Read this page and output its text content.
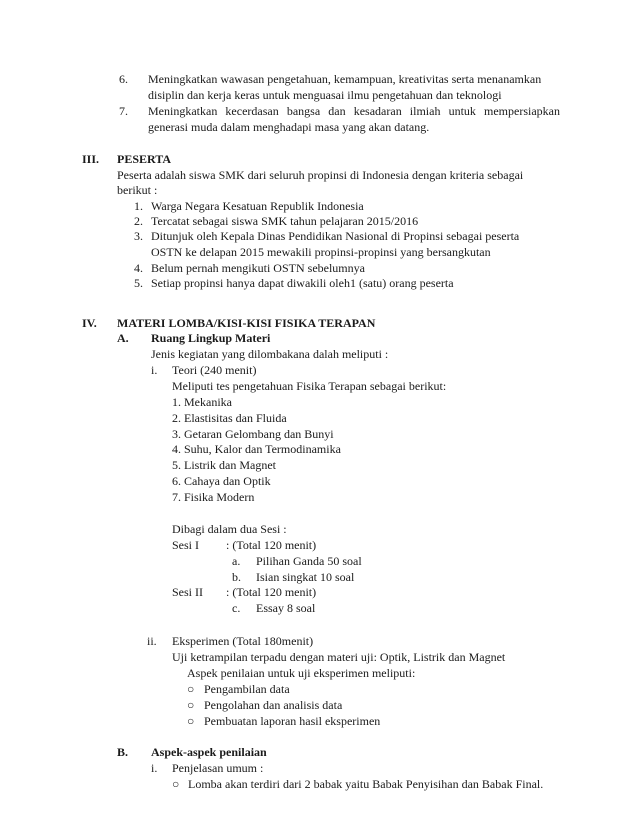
6. Meningkatkan wawasan pengetahuan, kemampuan, kreativitas serta menanamkan
disiplin dan kerja keras untuk menguasai ilmu pengetahuan dan teknologi
7. Meningkatkan kecerdasan bangsa dan kesadaran ilmiah untuk mempersiapkan
generasi muda dalam menghadapi masa yang akan datang.
III. PESERTA
Peserta adalah siswa SMK dari seluruh propinsi di Indonesia dengan kriteria sebagai
berikut :
1. Warga Negara Kesatuan Republik Indonesia
2. Tercatat sebagai siswa SMK tahun pelajaran 2015/2016
3. Ditunjuk oleh Kepala Dinas Pendidikan Nasional di Propinsi sebagai peserta
OSTN ke delapan 2015 mewakili propinsi-propinsi yang bersangkutan
4. Belum pernah mengikuti OSTN sebelumnya
5. Setiap propinsi hanya dapat diwakili oleh1 (satu) orang peserta
IV. MATERI LOMBA/KISI-KISI FISIKA TERAPAN
A. Ruang Lingkup Materi
Jenis kegiatan yang dilombakana dalah meliputi :
i. Teori (240 menit)
Meliputi tes pengetahuan Fisika Terapan sebagai berikut:
1. Mekanika
2. Elastisitas dan Fluida
3. Getaran Gelombang dan Bunyi
4. Suhu, Kalor dan Termodinamika
5. Listrik dan Magnet
6. Cahaya dan Optik
7. Fisika Modern
Dibagi dalam dua Sesi :
Sesi I : (Total 120 menit)
a. Pilihan Ganda 50 soal
b. Isian singkat 10 soal
Sesi II : (Total 120 menit)
c. Essay 8 soal
ii. Eksperimen (Total 180menit)
Uji ketrampilan terpadu dengan materi uji: Optik, Listrik dan Magnet
Aspek penilaian untuk uji eksperimen meliputi:
○ Pengambilan data
○ Pengolahan dan analisis data
○ Pembuatan laporan hasil eksperimen
B. Aspek-aspek penilaian
i. Penjelasan umum :
○ Lomba akan terdiri dari 2 babak yaitu Babak Penyisihan dan Babak Final.
